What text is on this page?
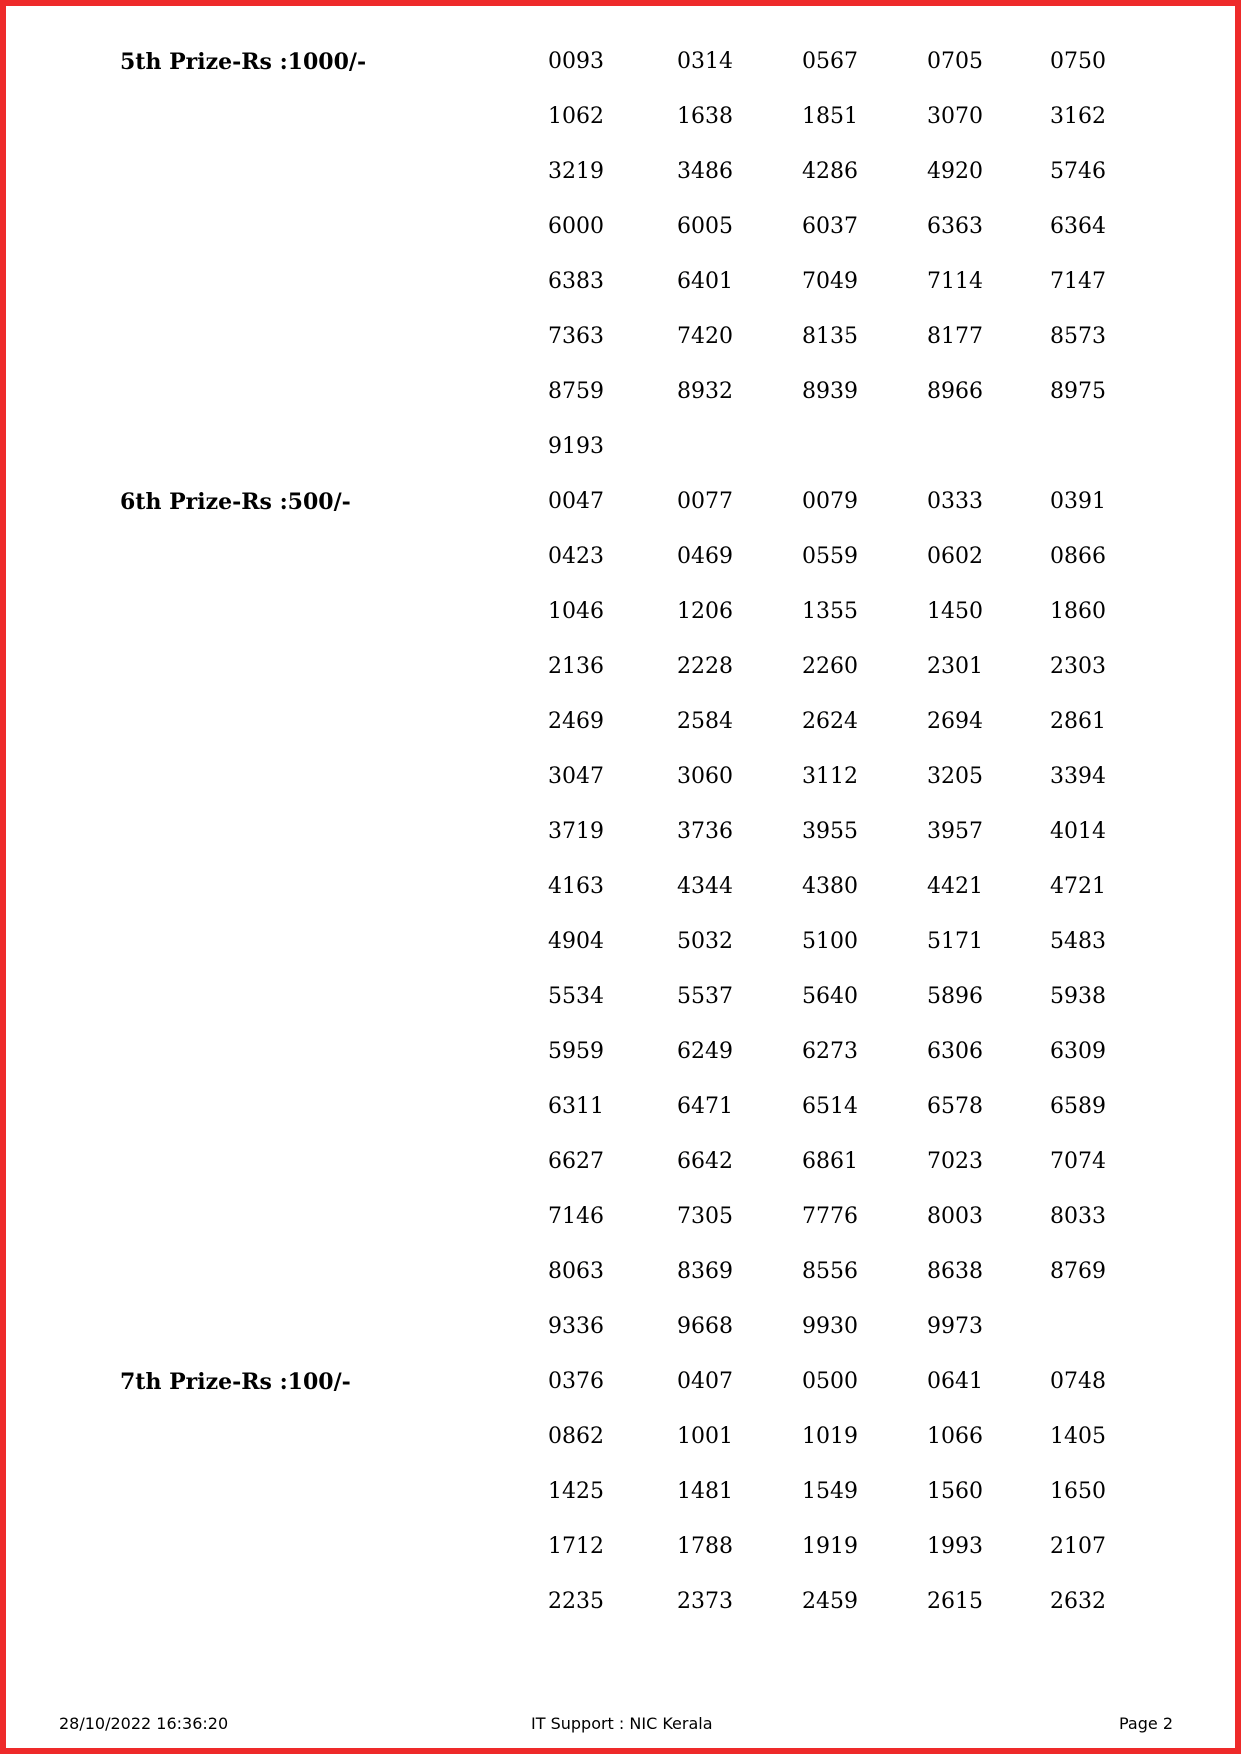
5th Prize-Rs :1000/-	0093	0314	0567	0705	0750
1062	1638	1851	3070	3162
3219	3486	4286	4920	5746
6000	6005	6037	6363	6364
6383	6401	7049	7114	7147
7363	7420	8135	8177	8573
8759	8932	8939	8966	8975
9193
6th Prize-Rs :500/-	0047	0077	0079	0333	0391
0423	0469	0559	0602	0866
1046	1206	1355	1450	1860
2136	2228	2260	2301	2303
2469	2584	2624	2694	2861
3047	3060	3112	3205	3394
3719	3736	3955	3957	4014
4163	4344	4380	4421	4721
4904	5032	5100	5171	5483
5534	5537	5640	5896	5938
5959	6249	6273	6306	6309
6311	6471	6514	6578	6589
6627	6642	6861	7023	7074
7146	7305	7776	8003	8033
8063	8369	8556	8638	8769
9336	9668	9930	9973
7th Prize-Rs :100/-	0376	0407	0500	0641	0748
0862	1001	1019	1066	1405
1425	1481	1549	1560	1650
1712	1788	1919	1993	2107
2235	2373	2459	2615	2632
28/10/2022 16:36:20	IT Support : NIC Kerala	Page 2
